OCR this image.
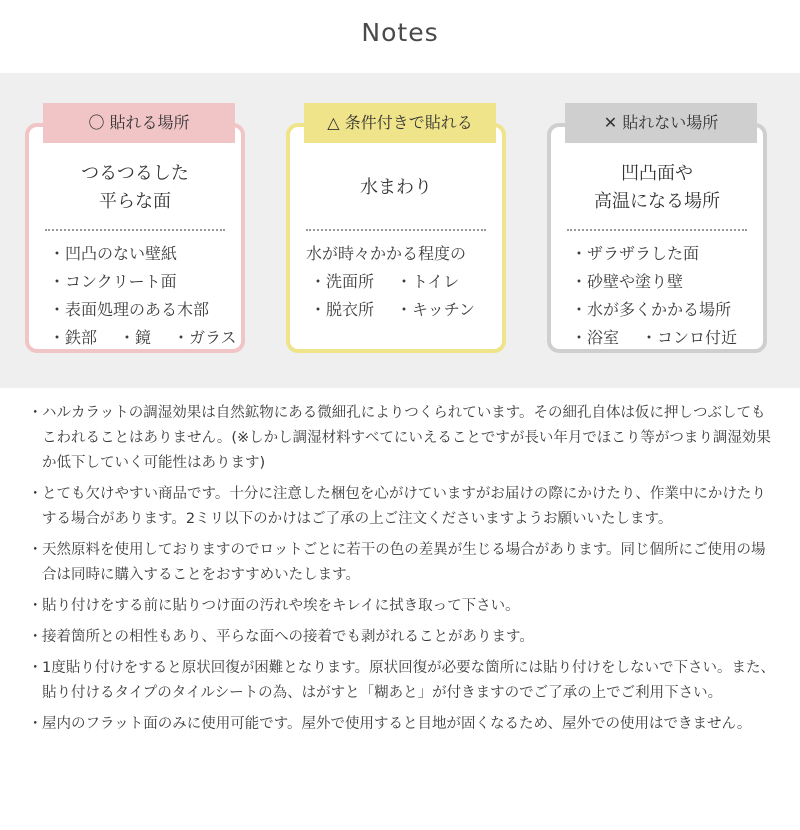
Notes
〇 貼れる場所
つるつるした
平らな面
・凹凸のない壁紙
・コンクリート面
・表面処理のある木部
・鉄部 ・鏡 ・ガラス
△ 条件付きで貼れる
水まわり
水が時々かかる程度の
・洗面所 ・トイレ
・脱衣所 ・キッチン
✕ 貼れない場所
凹凸面や
高温になる場所
・ザラザラした面
・砂壁や塗り壁
・水が多くかかる場所
・浴室 ・コンロ付近
・ ハルカラットの調湿効果は自然鉱物にある微細孔によりつくられています。その細孔自体は仮に押しつぶしてもこわれることはありません。(※しかし調湿材料すべてにいえることですが長い年月でほこり等がつまり調湿効果か低下していく可能性はあります)
・ とても欠けやすい商品です。十分に注意した梱包を心がけていますがお届けの際にかけたり、作業中にかけたりする場合があります。2ミリ以下のかけはご了承の上ご注文くださいますようお願いいたします。
・ 天然原料を使用しておりますのでロットごとに若干の色の差異が生じる場合があります。同じ個所にご使用の場合は同時に購入することをおすすめいたします。
・ 貼り付けをする前に貼りつけ面の汚れや埃をキレイに拭き取って下さい。
・ 接着箇所との相性もあり、平らな面への接着でも剥がれることがあります。
・ 1度貼り付けをすると原状回復が困難となります。原状回復が必要な箇所には貼り付けをしないで下さい。また、貼り付けるタイプのタイルシートの為、はがすと「糊あと」が付きますのでご了承の上でご利用下さい。
・ 屋内のフラット面のみに使用可能です。屋外で使用すると目地が固くなるため、屋外での使用はできません。
